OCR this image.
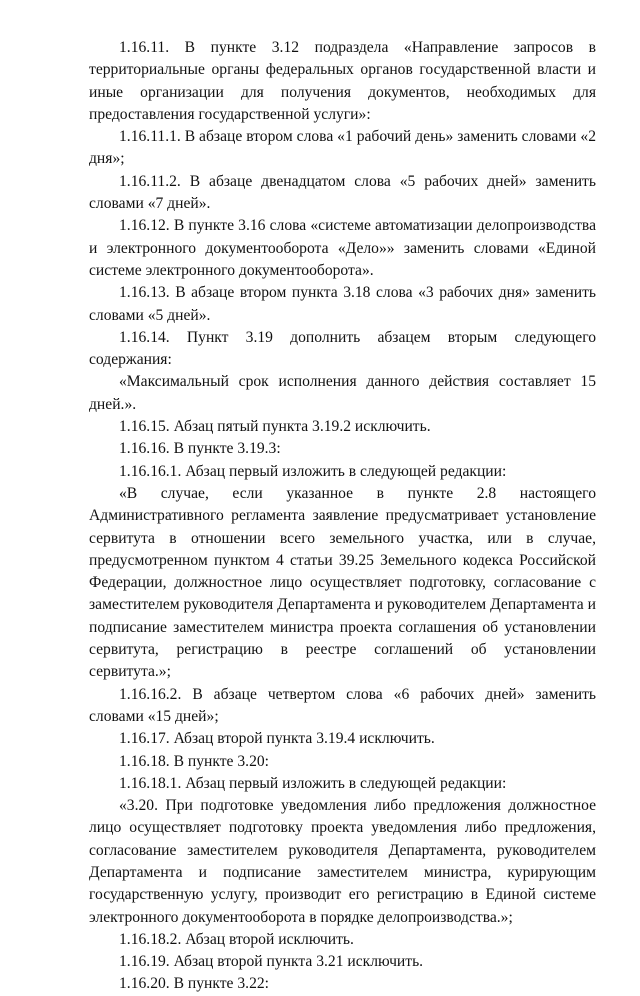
1.16.11. В пункте 3.12 подраздела «Направление запросов в территориальные органы федеральных органов государственной власти и иные организации для получения документов, необходимых для предоставления государственной услуги»:

1.16.11.1. В абзаце втором слова «1 рабочий день» заменить словами «2 дня»;

1.16.11.2. В абзаце двенадцатом слова «5 рабочих дней» заменить словами «7 дней».

1.16.12. В пункте 3.16 слова «системе автоматизации делопроизводства и электронного документооборота «Дело»» заменить словами «Единой системе электронного документооборота».

1.16.13. В абзаце втором пункта 3.18 слова «3 рабочих дня» заменить словами «5 дней».

1.16.14. Пункт 3.19 дополнить абзацем вторым следующего содержания:

«Максимальный срок исполнения данного действия составляет 15 дней.».

1.16.15. Абзац пятый пункта 3.19.2 исключить.

1.16.16. В пункте 3.19.3:

1.16.16.1. Абзац первый изложить в следующей редакции:

«В случае, если указанное в пункте 2.8 настоящего Административного регламента заявление предусматривает установление сервитута в отношении всего земельного участка, или в случае, предусмотренном пунктом 4 статьи 39.25 Земельного кодекса Российской Федерации, должностное лицо осуществляет подготовку, согласование с заместителем руководителя Департамента и руководителем Департамента и подписание заместителем министра проекта соглашения об установлении сервитута, регистрацию в реестре соглашений об установлении сервитута.»;

1.16.16.2. В абзаце четвертом слова «6 рабочих дней» заменить словами «15 дней»;

1.16.17. Абзац второй пункта 3.19.4 исключить.

1.16.18. В пункте 3.20:

1.16.18.1. Абзац первый изложить в следующей редакции:

«3.20. При подготовке уведомления либо предложения должностное лицо осуществляет подготовку проекта уведомления либо предложения, согласование заместителем руководителя Департамента, руководителем Департамента и подписание заместителем министра, курирующим государственную услугу, производит его регистрацию в Единой системе электронного документооборота в порядке делопроизводства.»;

1.16.18.2. Абзац второй исключить.

1.16.19. Абзац второй пункта 3.21 исключить.

1.16.20. В пункте 3.22:
